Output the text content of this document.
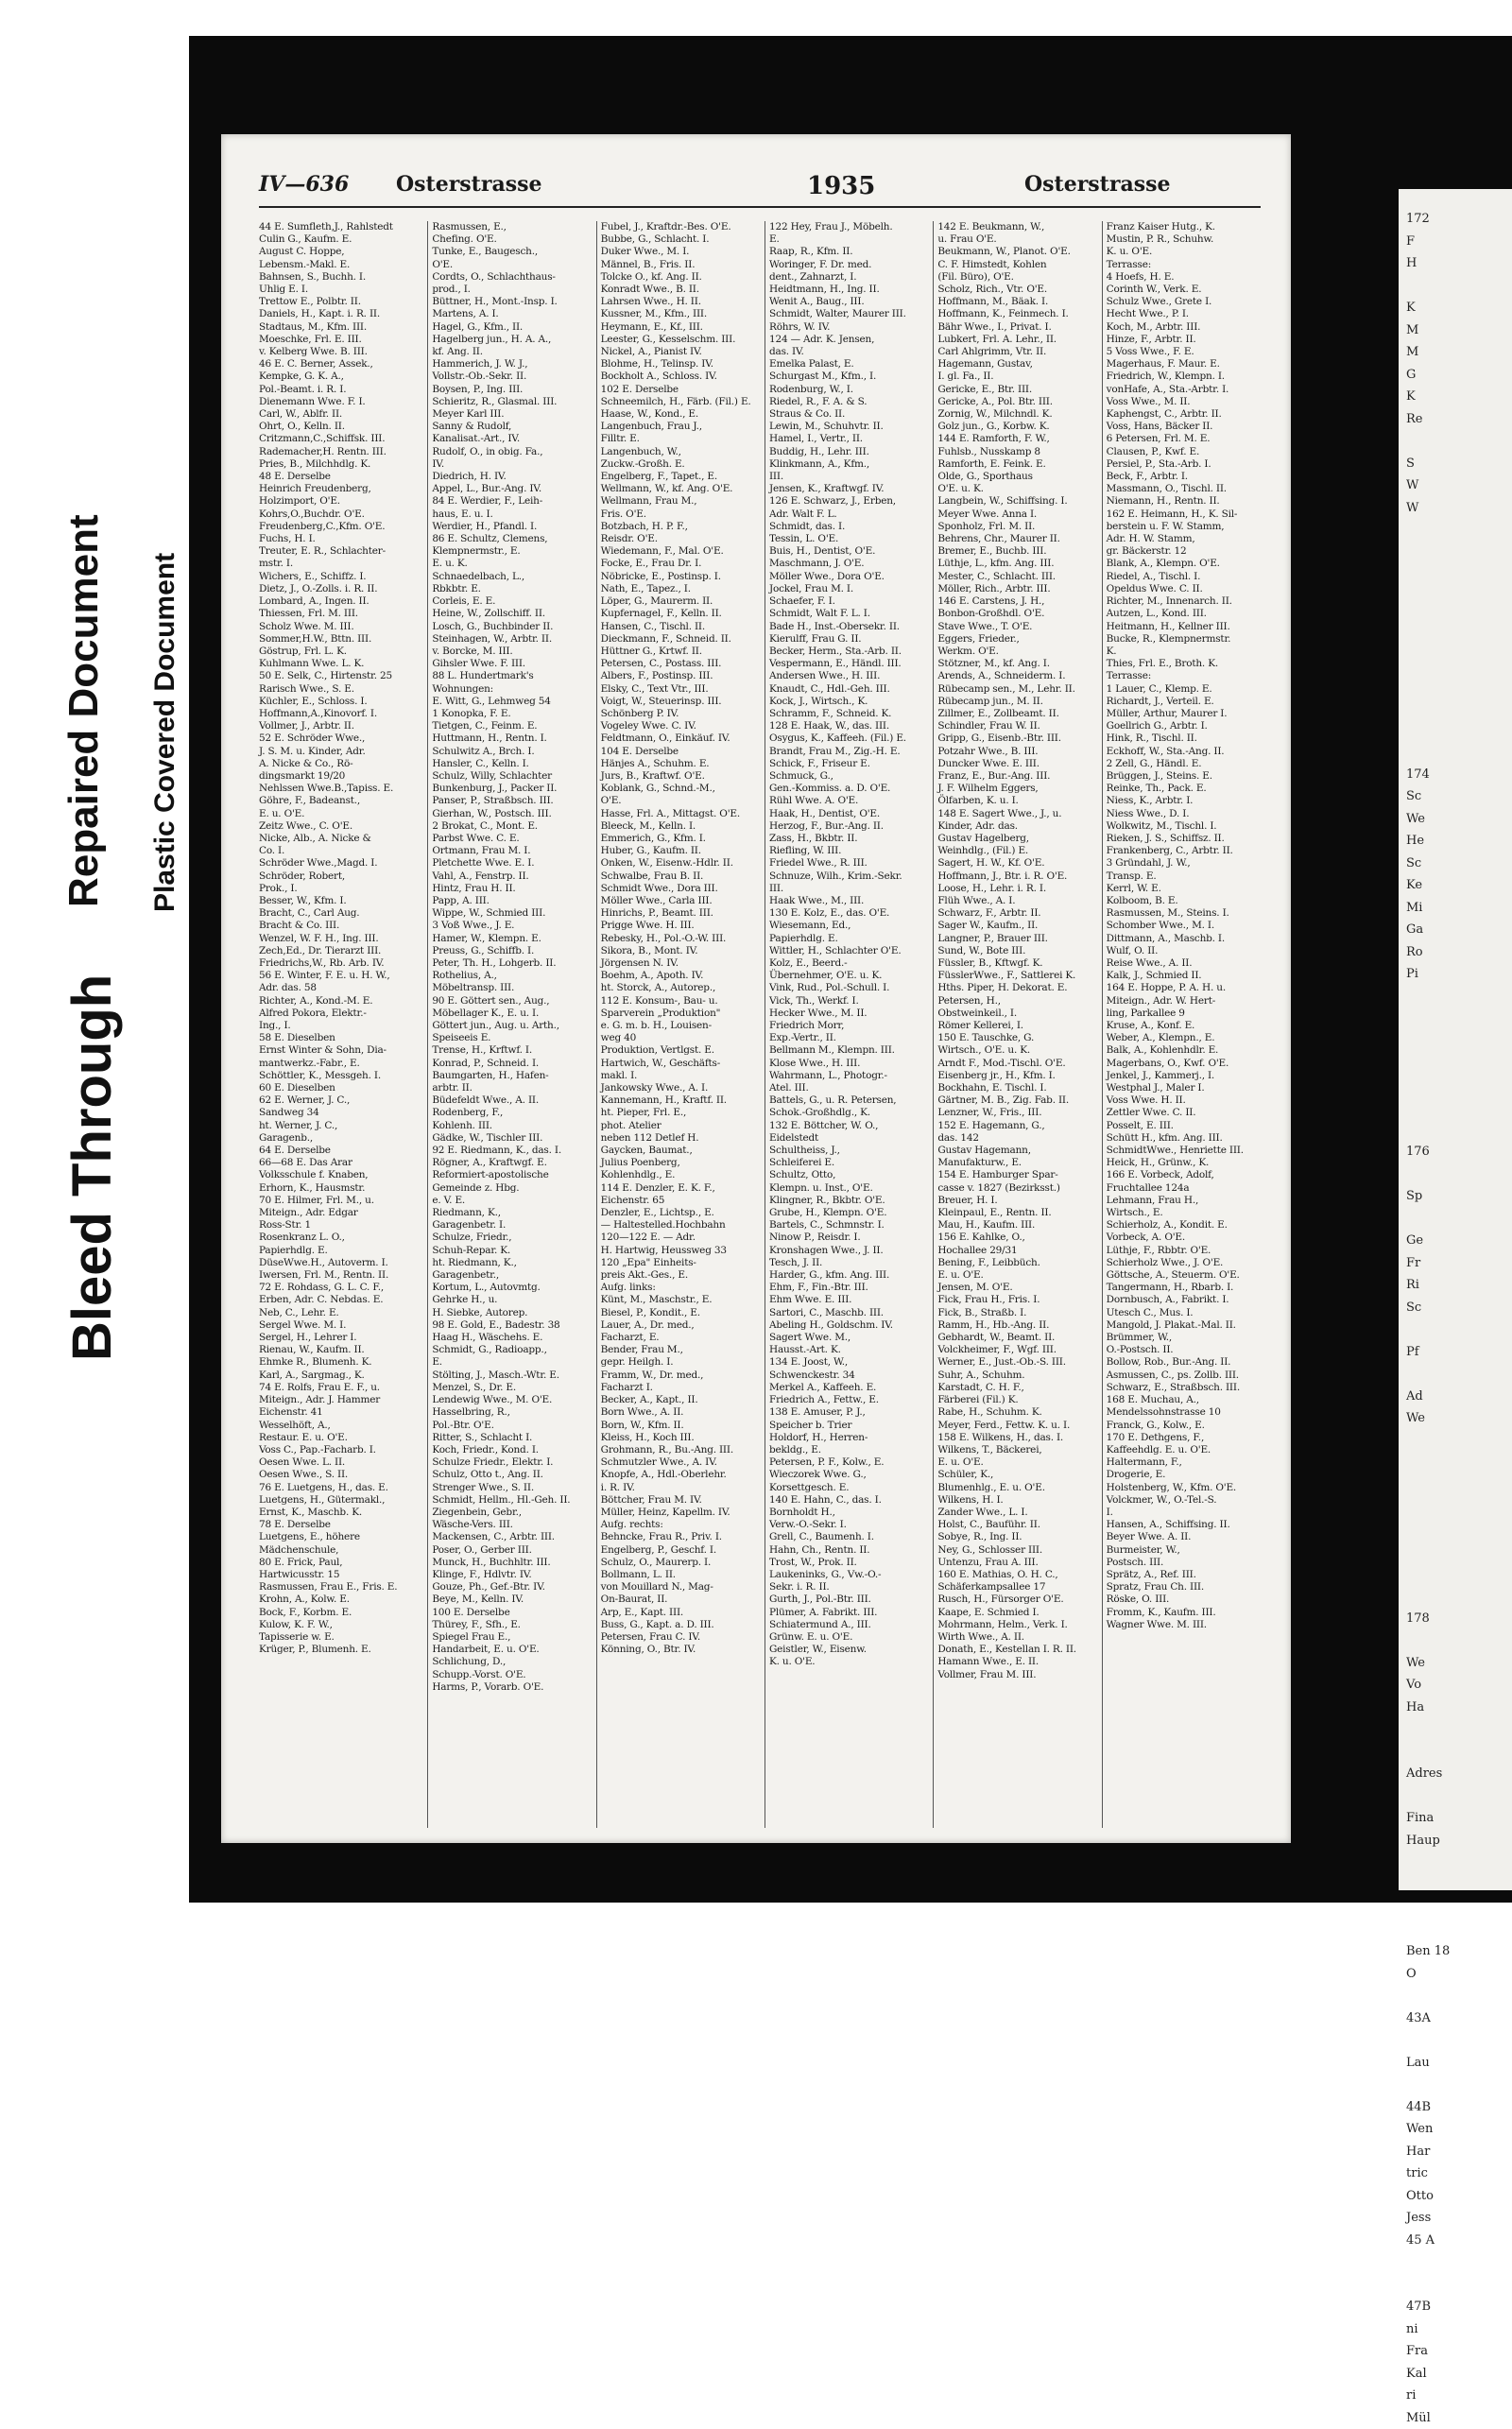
Bleed Through
Repaired Document Plastic Covered Document
172
F
H

K
M
M
G
K
Re

S
W
W

174
Sc
We
He
Sc
Ke
Mi
Ga
Ro
Pi

176

Sp

Ge
Fr
Ri
Sc

Pf

Ad
We

178

We
Vo
Ha

Adres

Fina
Haup

Ben 18
O

43A

Lau

44B
Wen
Har
tric
Otto
Jess
45 A

47B
ni
Fra
Kal
ri
Mül
IV—636 Osterstrasse	1935	Osterstrasse
44 E. Sumfleth,J., Rahlstedt
Culin G., Kaufm. E.
August C. Hoppe,
Lebensm.-Makl. E.
Bahnsen, S., Buchh. I.
Uhlig E. I.
Trettow E., Polbtr. II.
Daniels, H., Kapt. i. R. II.
Stadtaus, M., Kfm. III.
Moeschke, Frl. E. III.
v. Kelberg Wwe. B. III.
46 E. C. Berner, Assek.,
Kempke, G. K. A.,
Pol.-Beamt. i. R. I.
Dienemann Wwe. F. I.
Carl, W., Ablfr. II.
Ohrt, O., Kelln. II.
Critzmann,C.,Schiffsk. III.
Rademacher,H. Rentn. III.
Pries, B., Milchhdlg. K.
48 E. Derselbe
Heinrich Freudenberg,
Holzimport, O'E.
Kohrs,O.,Buchdr. O'E.
Freudenberg,C.,Kfm. O'E.
Fuchs, H. I.
Treuter, E. R., Schlachter-
mstr. I.
Wichers, E., Schiffz. I.
Dietz, J., O.-Zolls. i. R. II.
Lombard, A., Ingen. II.
Thiessen, Frl. M. III.
Scholz Wwe. M. III.
Sommer,H.W., Bttn. III.
Göstrup, Frl. L. K.
Kuhlmann Wwe. L. K.
50 E. Selk, C., Hirtenstr. 25
Rarisch Wwe., S. E.
Küchler, E., Schloss. I.
Hoffmann,A.,Kinovorf. I.
Vollmer, J., Arbtr. II.
52 E. Schröder Wwe.,
J. S. M. u. Kinder, Adr.
A. Nicke & Co., Rö-
dingsmarkt 19/20
Nehlssen Wwe.B.,Tapiss. E.
Göhre, F., Badeanst.,
E. u. O'E.
Zeitz Wwe., C. O'E.
Nicke, Alb., A. Nicke &
Co. I.
Schröder Wwe.,Magd. I.
Schröder, Robert,
Prok., I.
Besser, W., Kfm. I.
Bracht, C., Carl Aug.
Bracht & Co. III.
Wenzel, W. F. H., Ing. III.
Zech,Ed., Dr. Tierarzt III.
Friedrichs,W., Rb. Arb. IV.
56 E. Winter, F. E. u. H. W.,
Adr. das. 58
Richter, A., Kond.-M. E.
Alfred Pokora, Elektr.-
Ing., I.
58 E. Dieselben
Ernst Winter & Sohn, Dia-
mantwerkz.-Fabr., E.
Schöttler, K., Messgeh. I.
60 E. Dieselben
62 E. Werner, J. C.,
Sandweg 34
ht. Werner, J. C.,
Garagenb.,
64 E. Derselbe
66—68 E. Das Arar
Volksschule f. Knaben,
Erhorn, K., Hausmstr.
70 E. Hilmer, Frl. M., u.
Miteign., Adr. Edgar
Ross-Str. 1
Rosenkranz L. O.,
Papierhdlg. E.
DüseWwe.H., Autoverm. I.
Iwersen, Frl. M., Rentn. II.
72 E. Rohdass, G. L. C. F.,
Erben, Adr. C. Nebdas. E.
Neb, C., Lehr. E.
Sergel Wwe. M. I.
Sergel, H., Lehrer I.
Rienau, W., Kaufm. II.
Ehmke R., Blumenh. K.
Karl, A., Sargmag., K.
74 E. Rolfs, Frau E. F., u.
Miteign., Adr. J. Hammer
Eichenstr. 41
Wesselhöft, A.,
Restaur. E. u. O'E.
Voss C., Pap.-Facharb. I.
Oesen Wwe. L. II.
Oesen Wwe., S. II.
76 E. Luetgens, H., das. E.
Luetgens, H., Gütermakl.,
Ernst, K., Maschb. K.
78 E. Derselbe
Luetgens, E., höhere
Mädchenschule,
80 E. Frick, Paul,
Hartwicusstr. 15
Rasmussen, Frau E., Fris. E.
Krohn, A., Kolw. E.
Bock, F., Korbm. E.
Kulow, K. F. W.,
Tapisserie w. E.
Krüger, P., Blumenh. E.
Rasmussen, E.,
Chefing. O'E.
Tunke, E., Baugesch.,
O'E.
Cordts, O., Schlachthaus-
prod., I.
Büttner, H., Mont.-Insp. I.
Martens, A. I.
Hagel, G., Kfm., II.
Hagelberg jun., H. A. A.,
kf. Ang. II.
Hammerich, J. W. J.,
Vollstr.-Ob.-Sekr. II.
Boysen, P., Ing. III.
Schieritz, R., Glasmal. III.
Meyer Karl III.
Sanny & Rudolf,
Kanalisat.-Art., IV.
Rudolf, O., in obig. Fa.,
IV.
Diedrich, H. IV.
Appel, L., Bur.-Ang. IV.
84 E. Werdier, F., Leih-
haus, E. u. I.
Werdier, H., Pfandl. I.
86 E. Schultz, Clemens,
Klempnermstr., E.
E. u. K.
Schnaedelbach, L.,
Rbkbtr. E.
Corleis, E. E.
Heine, W., Zollschiff. II.
Losch, G., Buchbinder II.
Steinhagen, W., Arbtr. II.
v. Borcke, M. III.
Gihsler Wwe. F. III.
88 L. Hundertmark's
Wohnungen:
E. Witt, G., Lehmweg 54
1 Konopka, F. E.
Tietgen, C., Feinm. E.
Huttmann, H., Rentn. I.
Schulwitz A., Brch. I.
Hansler, C., Kelln. I.
Schulz, Willy, Schlachter
Bunkenburg, J., Packer II.
Panser, P., Straßbsch. III.
Gierhan, W., Postsch. III.
2 Brokat, C., Mont. E.
Parbst Wwe. C. E.
Ortmann, Frau M. I.
Pletchette Wwe. E. I.
Vahl, A., Fenstrp. II.
Hintz, Frau H. II.
Papp, A. III.
Wippe, W., Schmied III.
3 Voß Wwe., J. E.
Hamer, W., Klempn. E.
Preuss, G., Schiffb. I.
Peter, Th. H., Lohgerb. II.
Rothelius, A.,
Möbeltransp. III.
90 E. Göttert sen., Aug.,
Möbellager K., E. u. I.
Göttert jun., Aug. u. Arth.,
Speiseeis E.
Trense, H., Krftwf. I.
Konrad, P., Schneid. I.
Baumgarten, H., Hafen-
arbtr. II.
Büdefeldt Wwe., A. II.
Rodenberg, F.,
Kohlenh. III.
Gädke, W., Tischler III.
92 E. Riedmann, K., das. I.
Rögner, A., Kraftwgf. E.
Reformiert-apostolische
Gemeinde z. Hbg.
e. V. E.
Riedmann, K.,
Garagenbetr. I.
Schulze, Friedr.,
Schuh-Repar. K.
ht. Riedmann, K.,
Garagenbetr.,
Kortum, L., Autovmtg.
Gehrke H., u.
H. Siebke, Autorep.
98 E. Gold, E., Badestr. 38
Haag H., Wäschehs. E.
Schmidt, G., Radioapp.,
E.
Stölting, J., Masch.-Wtr. E.
Menzel, S., Dr. E.
Lendewig Wwe., M. O'E.
Hasselbring, R.,
Pol.-Btr. O'E.
Ritter, S., Schlacht I.
Koch, Friedr., Kond. I.
Schulze Friedr., Elektr. I.
Schulz, Otto t., Ang. II.
Strenger Wwe., S. II.
Schmidt, Hellm., Hl.-Geh. II.
Ziegenbein, Gebr.,
Wäsche-Vers. III.
Mackensen, C., Arbtr. III.
Poser, O., Gerber III.
Munck, H., Buchhltr. III.
Klinge, F., Hdlvtr. IV.
Gouze, Ph., Gef.-Btr. IV.
Beye, M., Kelln. IV.
100 E. Derselbe
Thürey, F., Sfh., E.
Spiegel Frau E.,
Handarbeit, E. u. O'E.
Schlichung, D.,
Schupp.-Vorst. O'E.
Harms, P., Vorarb. O'E.
Fubel, J., Kraftdr.-Bes. O'E.
Bubbe, G., Schlacht. I.
Duker Wwe., M. I.
Männel, B., Fris. II.
Tolcke O., kf. Ang. II.
Konradt Wwe., B. II.
Lahrsen Wwe., H. II.
Kussner, M., Kfm., III.
Heymann, E., Kf., III.
Leester, G., Kesselschm. III.
Nickel, A., Pianist IV.
Blohme, H., Telinsp. IV.
Bockholt A., Schloss. IV.
102 E. Derselbe
Schneemilch, H., Färb. (Fil.) E.
Haase, W., Kond., E.
Langenbuch, Frau J.,
Filltr. E.
Langenbuch, W.,
Zuckw.-Großh. E.
Engelberg, F., Tapet., E.
Wellmann, W., kf. Ang. O'E.
Wellmann, Frau M.,
Fris. O'E.
Botzbach, H. P. F.,
Reisdr. O'E.
Wiedemann, F., Mal. O'E.
Focke, E., Frau Dr. I.
Nöbricke, E., Postinsp. I.
Nath, E., Tapez., I.
Löper, G., Maurerm. II.
Kupfernagel, F., Kelln. II.
Hansen, C., Tischl. II.
Dieckmann, F., Schneid. II.
Hüttner G., Krtwf. II.
Petersen, C., Postass. III.
Albers, F., Postinsp. III.
Elsky, C., Text Vtr., III.
Voigt, W., Steuerinsp. III.
Schönberg P. IV.
Vogeley Wwe. C. IV.
Feldtmann, O., Einkäuf. IV.
104 E. Derselbe
Hänjes A., Schuhm. E.
Jurs, B., Kraftwf. O'E.
Koblank, G., Schnd.-M.,
O'E.
Hasse, Frl. A., Mittagst. O'E.
Bleeck, M., Kelln. I.
Emmerich, G., Kfm. I.
Huber, G., Kaufm. II.
Onken, W., Eisenw.-Hdlr. II.
Schwalbe, Frau B. II.
Schmidt Wwe., Dora III.
Möller Wwe., Carla III.
Hinrichs, P., Beamt. III.
Prigge Wwe. H. III.
Rebesky, H., Pol.-O.-W. III.
Sikora, B., Mont. IV.
Jörgensen N. IV.
Boehm, A., Apoth. IV.
ht. Storck, A., Autorep.,
112 E. Konsum-, Bau- u.
Sparverein „Produktion"
e. G. m. b. H., Louisen-
weg 40
Produktion, Vertlgst. E.
Hartwich, W., Geschäfts-
makl. I.
Jankowsky Wwe., A. I.
Kannemann, H., Kraftf. II.
ht. Pieper, Frl. E.,
phot. Atelier
neben 112 Detlef H.
Gaycken, Baumat.,
Julius Poenberg,
Kohlenhdlg., E.
114 E. Denzler, E. K. F.,
Eichenstr. 65
Denzler, E., Lichtsp., E.
— Haltestelled.Hochbahn
120—122 E. — Adr.
H. Hartwig, Heussweg 33
120 „Epa" Einheits-
preis Akt.-Ges., E.
Aufg. links:
Künt, M., Maschstr., E.
Biesel, P., Kondit., E.
Lauer, A., Dr. med.,
Facharzt, E.
Bender, Frau M.,
gepr. Heilgh. I.
Framm, W., Dr. med.,
Facharzt I.
Becker, A., Kapt., II.
Born Wwe., A. II.
Born, W., Kfm. II.
Kleiss, H., Koch III.
Grohmann, R., Bu.-Ang. III.
Schmutzler Wwe., A. IV.
Knopfe, A., Hdl.-Oberlehr.
i. R. IV.
Böttcher, Frau M. IV.
Müller, Heinz, Kapellm. IV.
Aufg. rechts:
Behncke, Frau R., Priv. I.
Engelberg, P., Geschf. I.
Schulz, O., Maurerp. I.
Bollmann, L. II.
von Mouillard N., Mag-
On-Baurat, II.
Arp, E., Kapt. III.
Buss, G., Kapt. a. D. III.
Petersen, Frau C. IV.
Könning, O., Btr. IV.
122 Hey, Frau J., Möbelh.
E.
Raap, R., Kfm. II.
Woringer, F. Dr. med.
dent., Zahnarzt, I.
Heidtmann, H., Ing. II.
Wenit A., Baug., III.
Schmidt, Walter, Maurer III.
Röhrs, W. IV.
124 — Adr. K. Jensen,
das. IV.
Emelka Palast, E.
Schurgast M., Kfm., I.
Rodenburg, W., I.
Riedel, R., F. A. & S.
Straus & Co. II.
Lewin, M., Schuhvtr. II.
Hamel, I., Vertr., II.
Buddig, H., Lehr. III.
Klinkmann, A., Kfm.,
III.
Jensen, K., Kraftwgf. IV.
126 E. Schwarz, J., Erben,
Adr. Walt F. L.
Schmidt, das. I.
Tessin, L. O'E.
Buis, H., Dentist, O'E.
Maschmann, J. O'E.
Möller Wwe., Dora O'E.
Jockel, Frau M. I.
Schaefer, F. I.
Schmidt, Walt F. L. I.
Bade H., Inst.-Obersekr. II.
Kierulff, Frau G. II.
Becker, Herm., Sta.-Arb. II.
Vespermann, E., Händl. III.
Andersen Wwe., H. III.
Knaudt, C., Hdl.-Geh. III.
Kock, J., Wirtsch., K.
Schramm, F., Schneid. K.
128 E. Haak, W., das. III.
Osygus, K., Kaffeeh. (Fil.) E.
Brandt, Frau M., Zig.-H. E.
Schick, F., Friseur E.
Schmuck, G.,
Gen.-Kommiss. a. D. O'E.
Rühl Wwe. A. O'E.
Haak, H., Dentist, O'E.
Herzog, F., Bur.-Ang. II.
Zass, H., Bkbtr. II.
Riefling, W. III.
Friedel Wwe., R. III.
Schnuze, Wilh., Krim.-Sekr.
III.
Haak Wwe., M., III.
130 E. Kolz, E., das. O'E.
Wiesemann, Ed.,
Papierhdlg. E.
Wittler, H., Schlachter O'E.
Kolz, E., Beerd.-
Übernehmer, O'E. u. K.
Vink, Rud., Pol.-Schull. I.
Vick, Th., Werkf. I.
Hecker Wwe., M. II.
Friedrich Morr,
Exp.-Vertr., II.
Bellmann M., Klempn. III.
Klose Wwe., H. III.
Wahrmann, L., Photogr.-
Atel. III.
Battels, G., u. R. Petersen,
Schok.-Großhdlg., K.
132 E. Böttcher, W. O.,
Eidelstedt
Schultheiss, J.,
Schleiferei E.
Schultz, Otto,
Klempn. u. Inst., O'E.
Klingner, R., Bkbtr. O'E.
Grube, H., Klempn. O'E.
Bartels, C., Schmnstr. I.
Ninow P., Reisdr. I.
Kronshagen Wwe., J. II.
Tesch, J. II.
Harder, G., kfm. Ang. III.
Ehm, F., Fin.-Btr. III.
Ehm Wwe. E. III.
Sartori, C., Maschb. III.
Abeling H., Goldschm. IV.
Sagert Wwe. M.,
Hausst.-Art. K.
134 E. Joost, W.,
Schwenckestr. 34
Merkel A., Kaffeeh. E.
Friedrich A., Fettw., E.
138 E. Amuser, P. J.,
Speicher b. Trier
Holdorf, H., Herren-
bekldg., E.
Petersen, P. F., Kolw., E.
Wieczorek Wwe. G.,
Korsettgesch. E.
140 E. Hahn, C., das. I.
Bornholdt H.,
Verw.-O.-Sekr. I.
Grell, C., Baumenh. I.
Hahn, Ch., Rentn. II.
Trost, W., Prok. II.
Laukeninks, G., Vw.-O.-
Sekr. i. R. II.
Gurth, J., Pol.-Btr. III.
Plümer, A. Fabrikt. III.
Schiatermund A., III.
Grünw. E. u. O'E.
Geistler, W., Eisenw.
K. u. O'E.
142 E. Beukmann, W.,
u. Frau O'E.
Beukmann, W., Planot. O'E.
C. F. Himstedt, Kohlen
(Fil. Büro), O'E.
Scholz, Rich., Vtr. O'E.
Hoffmann, M., Bäak. I.
Hoffmann, K., Feinmech. I.
Bähr Wwe., I., Privat. I.
Lubkert, Frl. A. Lehr., II.
Carl Ahlgrimm, Vtr. II.
Hagemann, Gustav,
I. gl. Fa., II.
Gericke, E., Btr. III.
Gericke, A., Pol. Btr. III.
Zornig, W., Milchndl. K.
Golz jun., G., Korbw. K.
144 E. Ramforth, F. W.,
Fuhlsb., Nusskamp 8
Ramforth, E. Feink. E.
Olde, G., Sporthaus
O'E. u. K.
Langbein, W., Schiffsing. I.
Meyer Wwe. Anna I.
Sponholz, Frl. M. II.
Behrens, Chr., Maurer II.
Bremer, E., Buchb. III.
Lüthje, L., kfm. Ang. III.
Mester, C., Schlacht. III.
Möller, Rich., Arbtr. III.
146 E. Carstens, J. H.,
Bonbon-Großhdl. O'E.
Stave Wwe., T. O'E.
Eggers, Frieder.,
Werkm. O'E.
Stötzner, M., kf. Ang. I.
Arends, A., Schneiderm. I.
Rübecamp sen., M., Lehr. II.
Rübecamp jun., M. II.
Zillmer, E., Zollbeamt. II.
Schindler, Frau W. II.
Gripp, G., Eisenb.-Btr. III.
Potzahr Wwe., B. III.
Duncker Wwe. E. III.
Franz, E., Bur.-Ang. III.
J. F. Wilhelm Eggers,
Ölfarben, K. u. I.
148 E. Sagert Wwe., J., u.
Kinder, Adr. das.
Gustav Hagelberg,
Weinhdlg., (Fil.) E.
Sagert, H. W., Kf. O'E.
Hoffmann, J., Btr. i. R. O'E.
Loose, H., Lehr. i. R. I.
Flüh Wwe., A. I.
Schwarz, F., Arbtr. II.
Sager W., Kaufm., II.
Langner, P., Brauer III.
Sund, W., Bote III.
Füssler, B., Kftwgf. K.
FüsslerWwe., F., Sattlerei K.
Hths. Piper, H. Dekorat. E.
Petersen, H.,
Obstweinkeil., I.
Römer Kellerei, I.
150 E. Tauschke, G.
Wirtsch., O'E. u. K.
Arndt F., Mod.-Tischl. O'E.
Eisenberg jr., H., Kfm. I.
Bockhahn, E. Tischl. I.
Gärtner, M. B., Zig. Fab. II.
Lenzner, W., Fris., III.
152 E. Hagemann, G.,
das. 142
Gustav Hagemann,
Manufakturw., E.
154 E. Hamburger Spar-
casse v. 1827 (Bezirksst.)
Breuer, H. I.
Kleinpaul, E., Rentn. II.
Mau, H., Kaufm. III.
156 E. Kahlke, O.,
Hochallee 29/31
Bening, F., Leibbüch.
E. u. O'E.
Jensen, M. O'E.
Fick, Frau H., Fris. I.
Fick, B., Straßb. I.
Ramm, H., Hb.-Ang. II.
Gebhardt, W., Beamt. II.
Volckheimer, F., Wgf. III.
Werner, E., Just.-Ob.-S. III.
Suhr, A., Schuhm.
Karstadt, C. H. F.,
Färberei (Fil.) K.
Rabe, H., Schuhm. K.
Meyer, Ferd., Fettw. K. u. I.
158 E. Wilkens, H., das. I.
Wilkens, T., Bäckerei,
E. u. O'E.
Schüler, K.,
Blumenhlg., E. u. O'E.
Wilkens, H. I.
Zander Wwe., L. I.
Holst, C., Bauführ. II.
Sobye, R., Ing. II.
Ney, G., Schlosser III.
Untenzu, Frau A. III.
160 E. Mathias, O. H. C.,
Schäferkampsallee 17
Rusch, H., Fürsorger O'E.
Kaape, E. Schmied I.
Mohrmann, Helm., Verk. I.
Wirth Wwe., A. II.
Donath, E., Kestellan I. R. II.
Hamann Wwe., E. II.
Vollmer, Frau M. III.
Franz Kaiser Hutg., K.
Mustin, P. R., Schuhw.
K. u. O'E.
Terrasse:
4 Hoefs, H. E.
Corinth W., Verk. E.
Schulz Wwe., Grete I.
Hecht Wwe., P. I.
Koch, M., Arbtr. III.
Hinze, F., Arbtr. II.
5 Voss Wwe., F. E.
Magerhaus, F. Maur. E.
Friedrich, W., Klempn. I.
vonHafe, A., Sta.-Arbtr. I.
Voss Wwe., M. II.
Kaphengst, C., Arbtr. II.
Voss, Hans, Bäcker II.
6 Petersen, Frl. M. E.
Clausen, P., Kwf. E.
Persiel, P., Sta.-Arb. I.
Beck, F., Arbtr. I.
Massmann, O., Tischl. II.
Niemann, H., Rentn. II.
162 E. Heimann, H., K. Sil-
berstein u. F. W. Stamm,
Adr. H. W. Stamm,
gr. Bäckerstr. 12
Blank, A., Klempn. O'E.
Riedel, A., Tischl. I.
Opeldus Wwe. C. II.
Richter, M., Innenarch. II.
Autzen, L., Kond. III.
Heitmann, H., Kellner III.
Bucke, R., Klempnermstr.
K.
Thies, Frl. E., Broth. K.
Terrasse:
1 Lauer, C., Klemp. E.
Richardt, J., Verteil. E.
Müller, Arthur, Maurer I.
Goellrich G., Arbtr. I.
Hink, R., Tischl. II.
Eckhoff, W., Sta.-Ang. II.
2 Zell, G., Händl. E.
Brüggen, J., Steins. E.
Reinke, Th., Pack. E.
Niess, K., Arbtr. I.
Niess Wwe., D. I.
Wolkwitz, M., Tischl. I.
Rieken, J. S., Schiffsz. II.
Frankenberg, C., Arbtr. II.
3 Gründahl, J. W.,
Transp. E.
Kerrl, W. E.
Kolboom, B. E.
Rasmussen, M., Steins. I.
Schomber Wwe., M. I.
Dittmann, A., Maschb. I.
Wulf, O. II.
Reise Wwe., A. II.
Kalk, J., Schmied II.
164 E. Hoppe, P. A. H. u.
Miteign., Adr. W. Hert-
ling, Parkallee 9
Kruse, A., Konf. E.
Weber, A., Klempn., E.
Balk, A., Kohlenhdlr. E.
Magerbans, O., Kwf. O'E.
Jenkel, J., Kammerj., I.
Westphal J., Maler I.
Voss Wwe. H. II.
Zettler Wwe. C. II.
Posselt, E. III.
Schütt H., kfm. Ang. III.
SchmidtWwe., Henriette III.
Heick, H., Grünw., K.
166 E. Vorbeck, Adolf,
Fruchtallee 124a
Lehmann, Frau H.,
Wirtsch., E.
Schierholz, A., Kondit. E.
Vorbeck, A. O'E.
Lüthje, F., Rbbtr. O'E.
Schierholz Wwe., J. O'E.
Göttsche, A., Steuerm. O'E.
Tangermann, H., Rbarb. I.
Dornbusch, A., Fabrikt. I.
Utesch C., Mus. I.
Mangold, J. Plakat.-Mal. II.
Brümmer, W.,
O.-Postsch. II.
Bollow, Rob., Bur.-Ang. II.
Asmussen, C., ps. Zollb. III.
Schwarz, E., Straßbsch. III.
168 E. Muchau, A.,
Mendelssohnstrasse 10
Franck, G., Kolw., E.
170 E. Dethgens, F.,
Kaffeehdlg. E. u. O'E.
Haltermann, F.,
Drogerie, E.
Holstenberg, W., Kfm. O'E.
Volckmer, W., O.-Tel.-S.
I.
Hansen, A., Schiffsing. II.
Beyer Wwe. A. II.
Burmeister, W.,
Postsch. III.
Sprätz, A., Ref. III.
Spratz, Frau Ch. III.
Röske, O. III.
Fromm, K., Kaufm. III.
Wagner Wwe. M. III.
